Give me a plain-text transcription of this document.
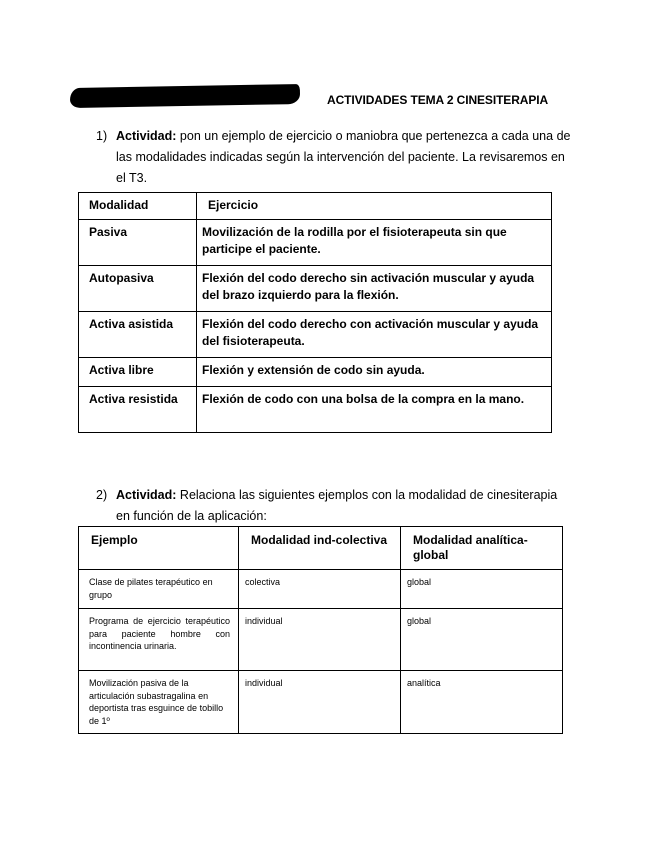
ACTIVIDADES TEMA 2 CINESITERAPIA
1) Actividad: pon un ejemplo de ejercicio o maniobra que pertenezca a cada una de las modalidades indicadas según la intervención del paciente. La revisaremos en el T3.
Modalidad	Ejercicio
Pasiva	Movilización de la rodilla por el fisioterapeuta sin que participe el paciente.
Autopasiva	Flexión del codo derecho sin activación muscular y ayuda del brazo izquierdo para la flexión.
Activa asistida	Flexión del codo derecho con activación muscular y ayuda del fisioterapeuta.
Activa libre	Flexión y extensión de codo sin ayuda.
Activa resistida	Flexión de codo con una bolsa de la compra en la mano.
2) Actividad: Relaciona las siguientes ejemplos con la modalidad de cinesiterapia en función de la aplicación:
Ejemplo	Modalidad ind-colectiva	Modalidad analítica-global
Clase de pilates terapéutico en grupo	colectiva	global
Programa de ejercicio terapéutico para paciente hombre con incontinencia urinaria.	individual	global
Movilización pasiva de la articulación subastragalina en deportista tras esguince de tobillo de 1º	individual	analítica
